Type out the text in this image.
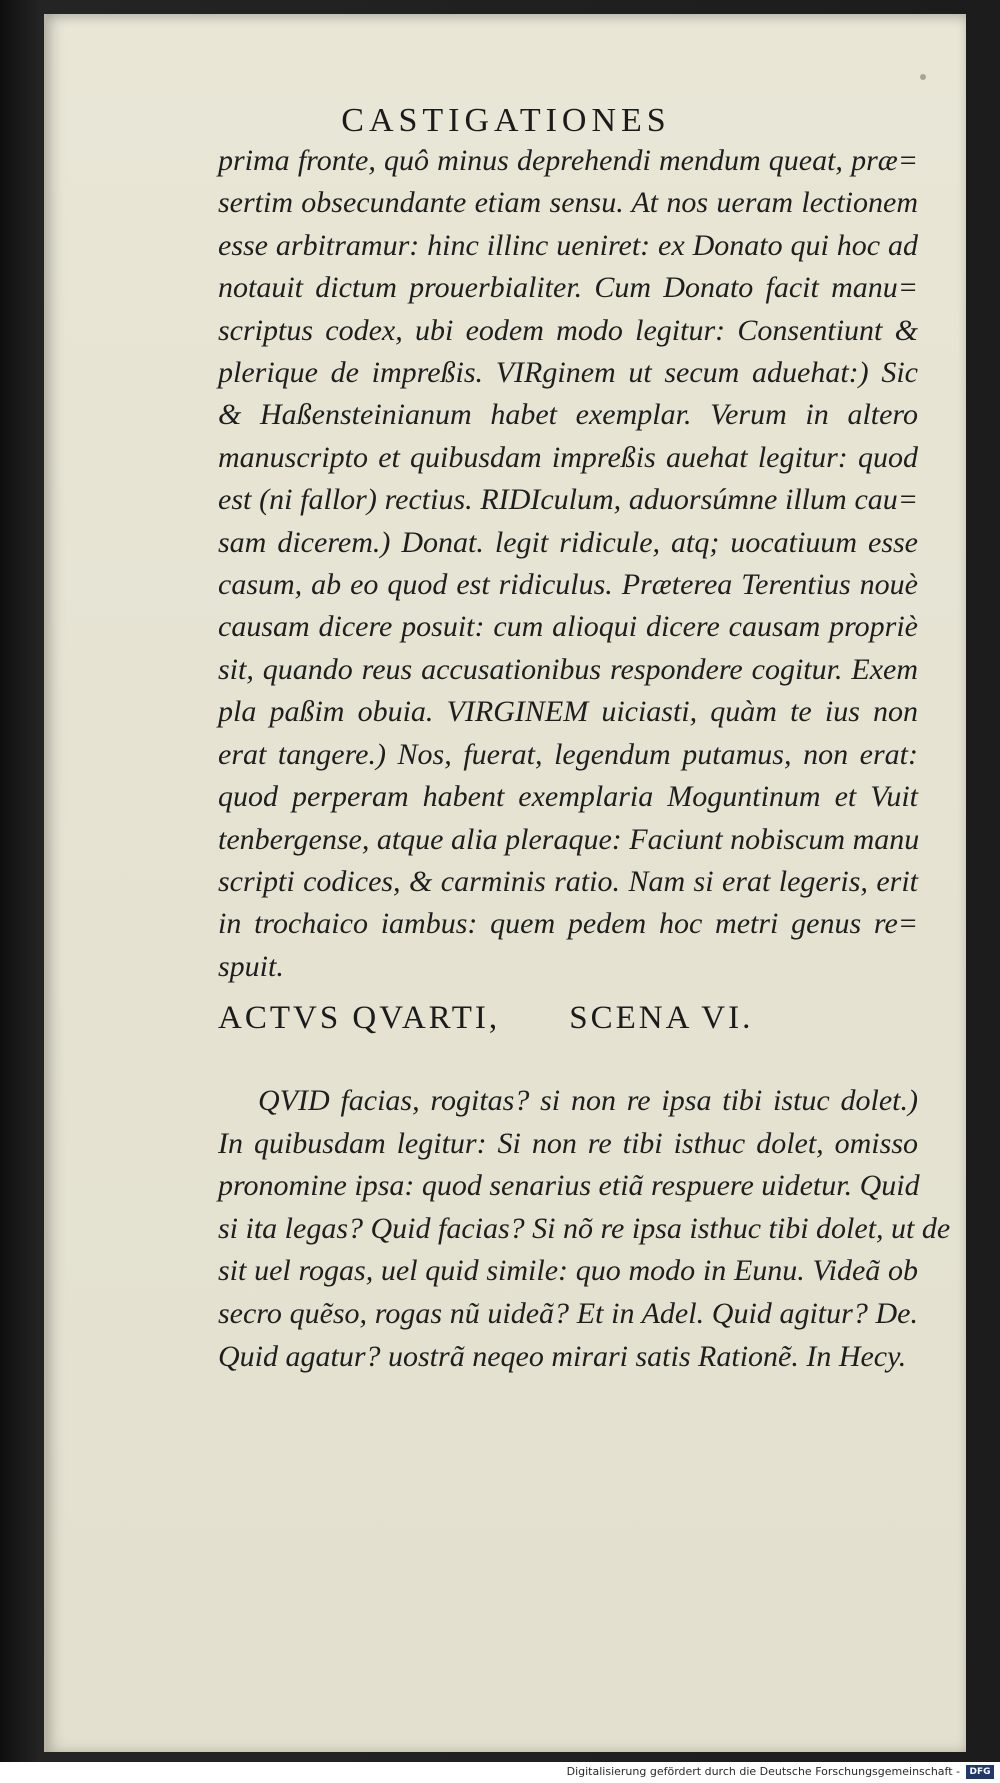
CASTIGATIONES
prima fronte, quô minus deprehendi mendum queat, præ=
sertim obsecundante etiam sensu. At nos ueram lectionem
esse arbitramur: hinc illinc ueniret: ex Donato qui hoc ad
notauit dictum prouerbialiter. Cum Donato facit manu=
scriptus codex, ubi eodem modo legitur: Consentiunt &
plerique de impreßis. VIRginem ut secum aduehat:) Sic
& Haßensteinianum habet exemplar. Verum in altero
manuscripto et quibusdam impreßis auehat legitur: quod
est (ni fallor) rectius. RIDIculum, aduorsúmne illum cau=
sam dicerem.) Donat. legit ridicule, atq; uocatiuum esse
casum, ab eo quod est ridiculus. Præterea Terentius nouè
causam dicere posuit: cum alioqui dicere causam propriè
sit, quando reus accusationibus respondere cogitur. Exem
pla paßim obuia. VIRGINEM uiciasti, quàm te ius non
erat tangere.) Nos, fuerat, legendum putamus, non erat:
quod perperam habent exemplaria Moguntinum et Vuit
tenbergense, atque alia pleraque: Faciunt nobiscum manu
scripti codices, & carminis ratio. Nam si erat legeris, erit
in trochaico iambus: quem pedem hoc metri genus re=
spuit.
ACTVS QVARTI, SCENA VI.
QVID facias, rogitas? si non re ipsa tibi istuc dolet.)
In quibusdam legitur: Si non re tibi isthuc dolet, omisso
pronomine ipsa: quod senarius etiã respuere uidetur. Quid
si ita legas? Quid facias? Si nõ re ipsa isthuc tibi dolet, ut de
sit uel rogas, uel quid simile: quo modo in Eunu. Videã ob
secro quẽso, rogas nũ uideã? Et in Adel. Quid agitur? De.
Quid agatur? uostrã neqeo mirari satis Rationẽ. In Hecy.
Digitalisierung gefördert durch die Deutsche Forschungsgemeinschaft -	DFG
